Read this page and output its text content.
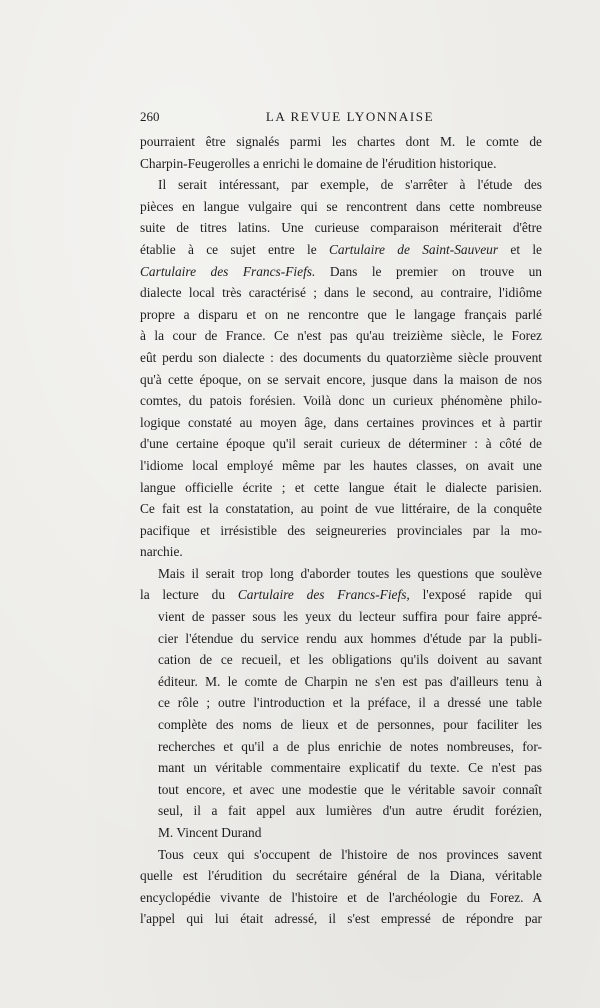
260	LA REVUE LYONNAISE
pourraient être signalés parmi les chartes dont M. le comte de
Charpin-Feugerolles a enrichi le domaine de l'érudition historique.
Il serait intéressant, par exemple, de s'arrêter à l'étude des
pièces en langue vulgaire qui se rencontrent dans cette nombreuse
suite de titres latins. Une curieuse comparaison mériterait d'être
établie à ce sujet entre le Cartulaire de Saint-Sauveur et le
Cartulaire des Francs-Fiefs. Dans le premier on trouve un
dialecte local très caractérisé ; dans le second, au contraire, l'idiôme
propre a disparu et on ne rencontre que le langage français parlé
à la cour de France. Ce n'est pas qu'au treizième siècle, le Forez
eût perdu son dialecte : des documents du quatorzième siècle prouvent
qu'à cette époque, on se servait encore, jusque dans la maison de nos
comtes, du patois forésien. Voilà donc un curieux phénomène philo-
logique constaté au moyen âge, dans certaines provinces et à partir
d'une certaine époque qu'il serait curieux de déterminer : à côté de
l'idiome local employé même par les hautes classes, on avait une
langue officielle écrite ; et cette langue était le dialecte parisien.
Ce fait est la constatation, au point de vue littéraire, de la conquête
pacifique et irrésistible des seigneureries provinciales par la mo-
narchie.
Mais il serait trop long d'aborder toutes les questions que soulève
la lecture du Cartulaire des Francs-Fiefs, l'exposé rapide qui
vient de passer sous les yeux du lecteur suffira pour faire appré-
cier l'étendue du service rendu aux hommes d'étude par la publi-
cation de ce recueil, et les obligations qu'ils doivent au savant
éditeur. M. le comte de Charpin ne s'en est pas d'ailleurs tenu à
ce rôle ; outre l'introduction et la préface, il a dressé une table
complète des noms de lieux et de personnes, pour faciliter les
recherches et qu'il a de plus enrichie de notes nombreuses, for-
mant un véritable commentaire explicatif du texte. Ce n'est pas
tout encore, et avec une modestie que le véritable savoir connaît
seul, il a fait appel aux lumières d'un autre érudit forézien,
M. Vincent Durand
Tous ceux qui s'occupent de l'histoire de nos provinces savent
quelle est l'érudition du secrétaire général de la Diana, véritable
encyclopédie vivante de l'histoire et de l'archéologie du Forez. A
l'appel qui lui était adressé, il s'est empressé de répondre par
